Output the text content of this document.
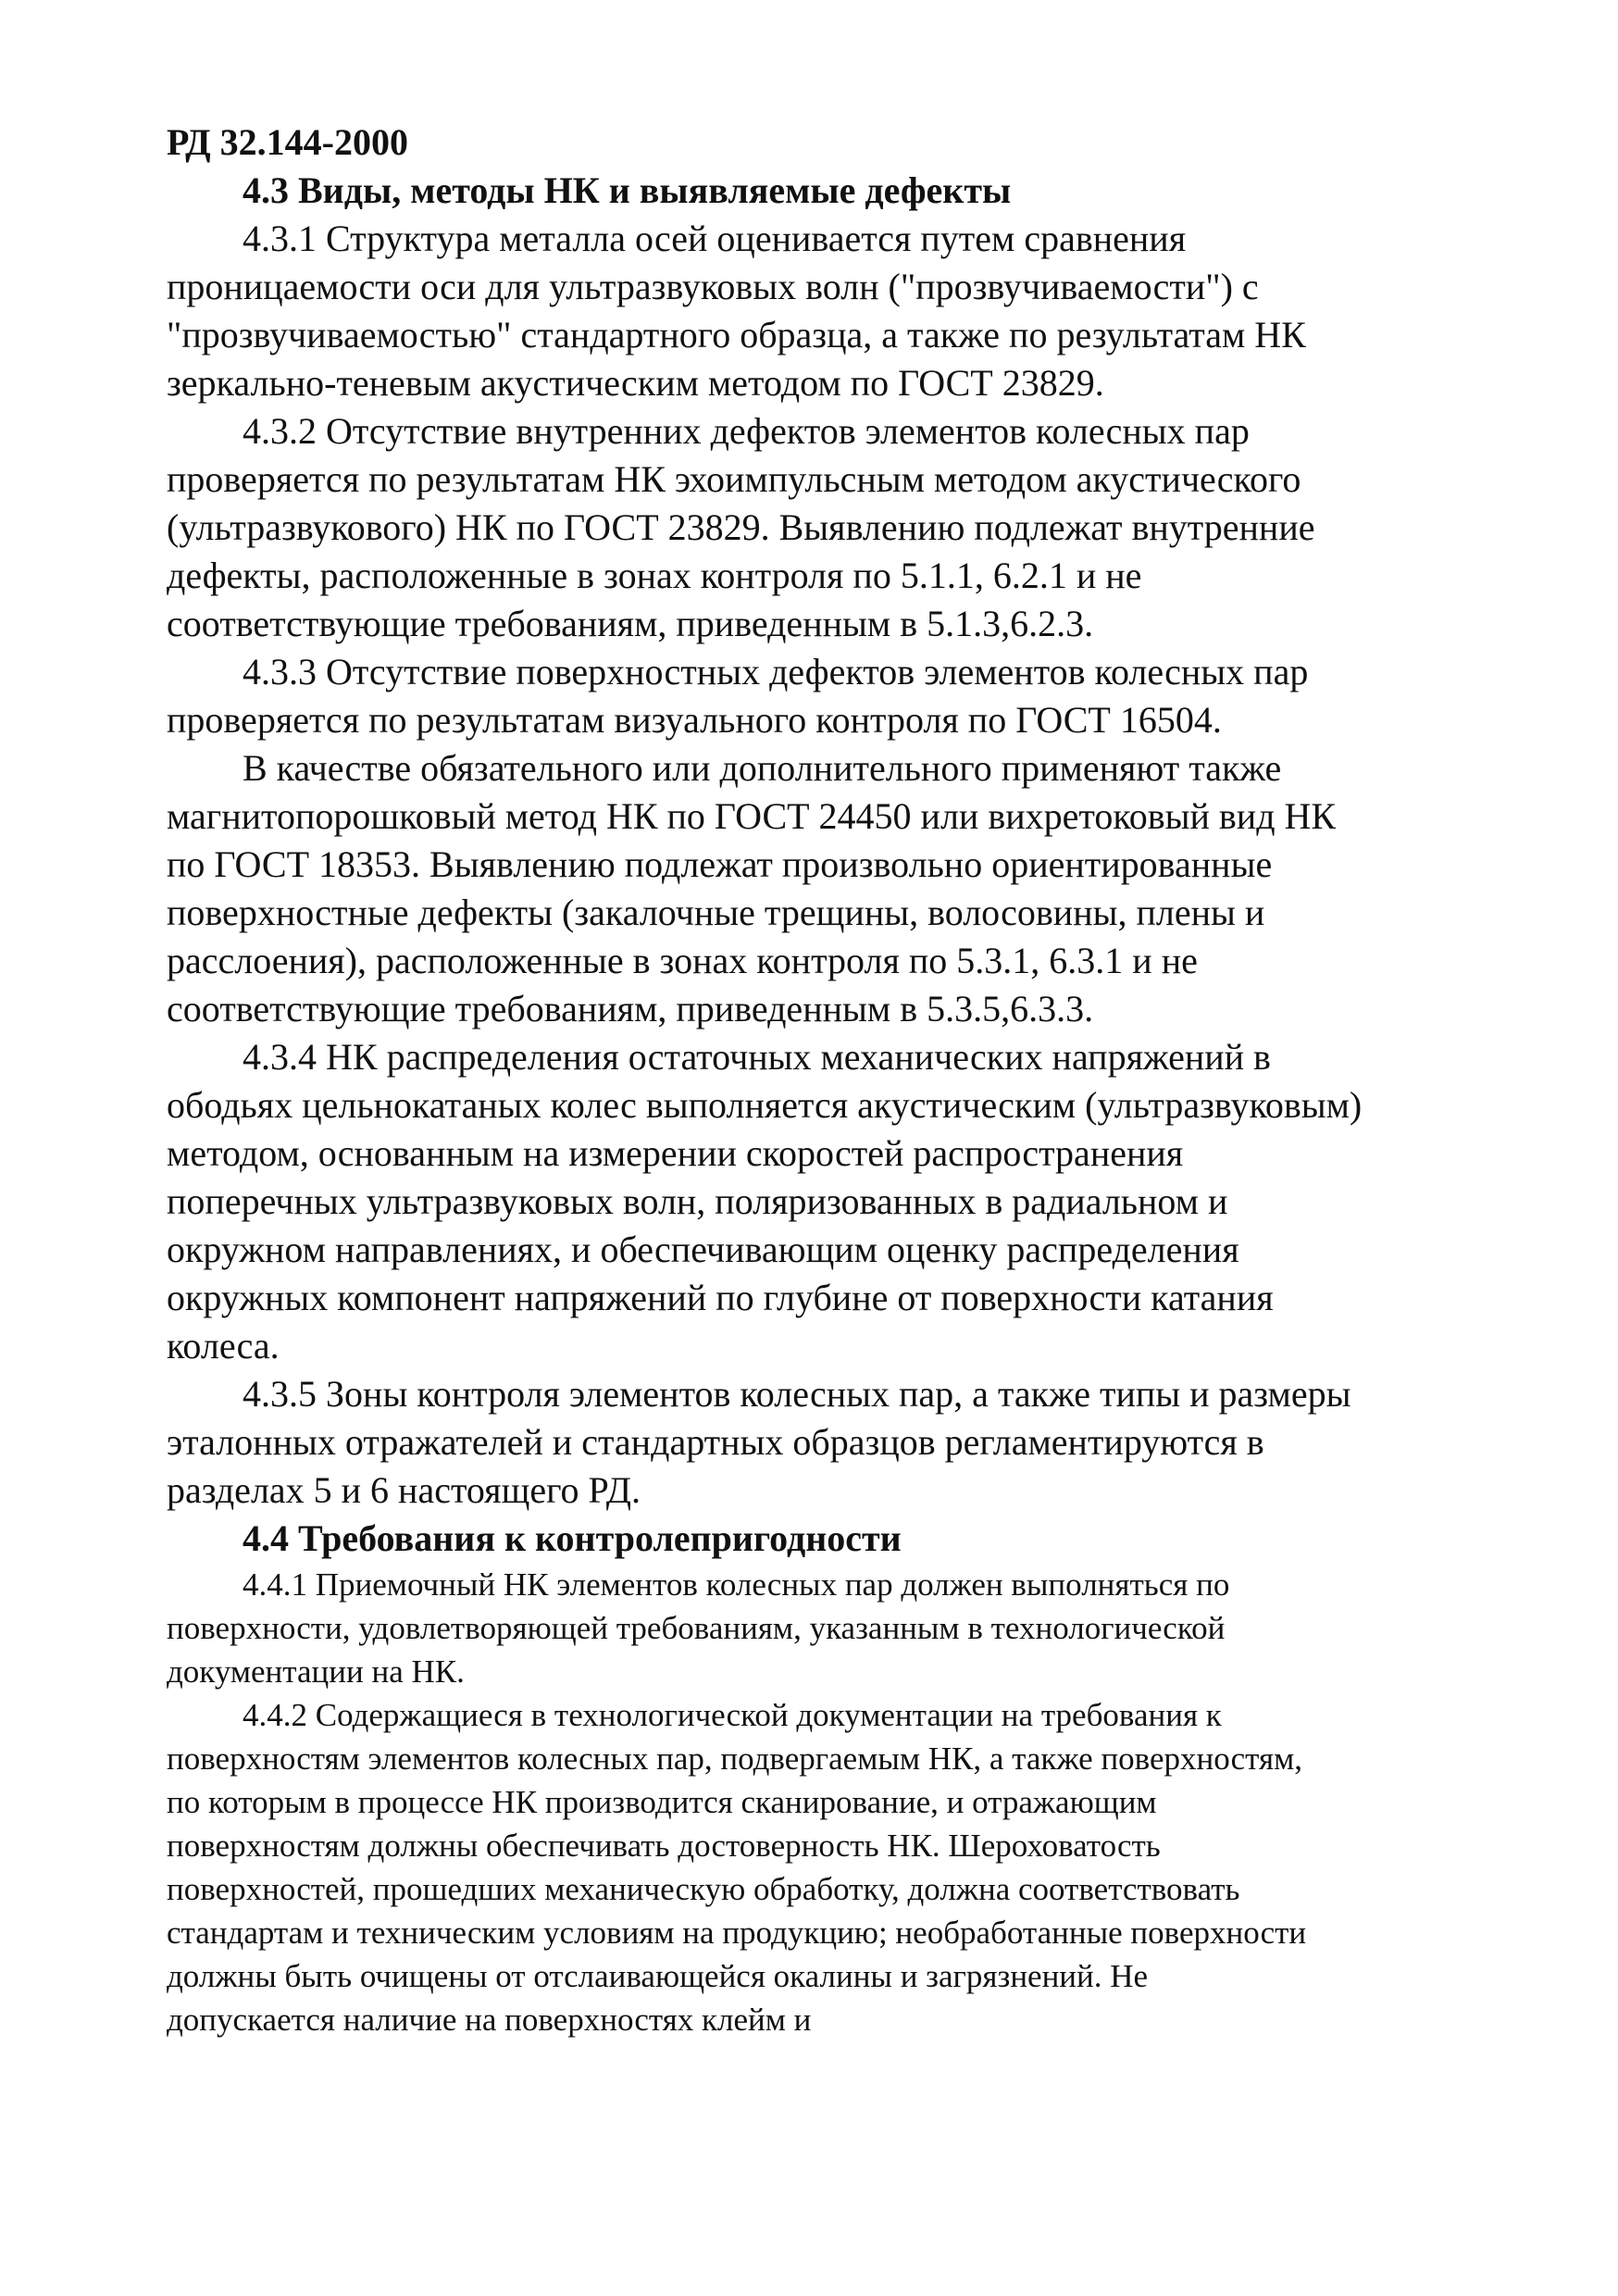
РД 32.144-2000

4.3 Виды, методы НК и выявляемые дефекты

4.3.1 Структура металла осей оценивается путем сравнения
проницаемости оси для ультразвуковых волн ("прозвучиваемости") с
"прозвучиваемостью" стандартного образца, а также по результатам НК
зеркально-теневым акустическим методом по ГОСТ 23829.
4.3.2 Отсутствие внутренних дефектов элементов колесных пар
проверяется по результатам НК эхоимпульсным методом акустического
(ультразвукового) НК по ГОСТ 23829. Выявлению подлежат внутренние
дефекты, расположенные в зонах контроля по 5.1.1, 6.2.1 и не
соответствующие требованиям, приведенным в 5.1.3,6.2.3.
4.3.3 Отсутствие поверхностных дефектов элементов колесных пар
проверяется по результатам визуального контроля по ГОСТ 16504.
В качестве обязательного или дополнительного применяют также
магнитопорошковый метод НК по ГОСТ 24450 или вихретоковый вид НК
по ГОСТ 18353. Выявлению подлежат произвольно ориентированные
поверхностные дефекты (закалочные трещины, волосовины, плены и
расслоения), расположенные в зонах контроля по 5.3.1, 6.3.1 и не
соответствующие требованиям, приведенным в 5.3.5,6.3.3.
4.3.4 НК распределения остаточных механических напряжений в
ободьях цельнокатаных колес выполняется акустическим (ультразвуковым)
методом, основанным на измерении скоростей распространения
поперечных ультразвуковых волн, поляризованных в радиальном и
окружном направлениях, и обеспечивающим оценку распределения
окружных компонент напряжений по глубине от поверхности катания
колеса.
4.3.5 Зоны контроля элементов колесных пар, а также типы и размеры
эталонных отражателей и стандартных образцов регламентируются в
разделах 5 и 6 настоящего РД.

4.4 Требования к контролепригодности

4.4.1 Приемочный НК элементов колесных пар должен выполняться по
поверхности, удовлетворяющей требованиям, указанным в технологической
документации на НК.
4.4.2 Содержащиеся в технологической документации на требования к
поверхностям элементов колесных пар, подвергаемым НК, а также поверхностям,
по которым в процессе НК производится сканирование, и отражающим
поверхностям должны обеспечивать достоверность НК. Шероховатость
поверхностей, прошедших механическую обработку, должна соответствовать
стандартам и техническим условиям на продукцию; необработанные поверхности
должны быть очищены от отслаивающейся окалины и загрязнений. Не
допускается наличие на поверхностях клейм и
